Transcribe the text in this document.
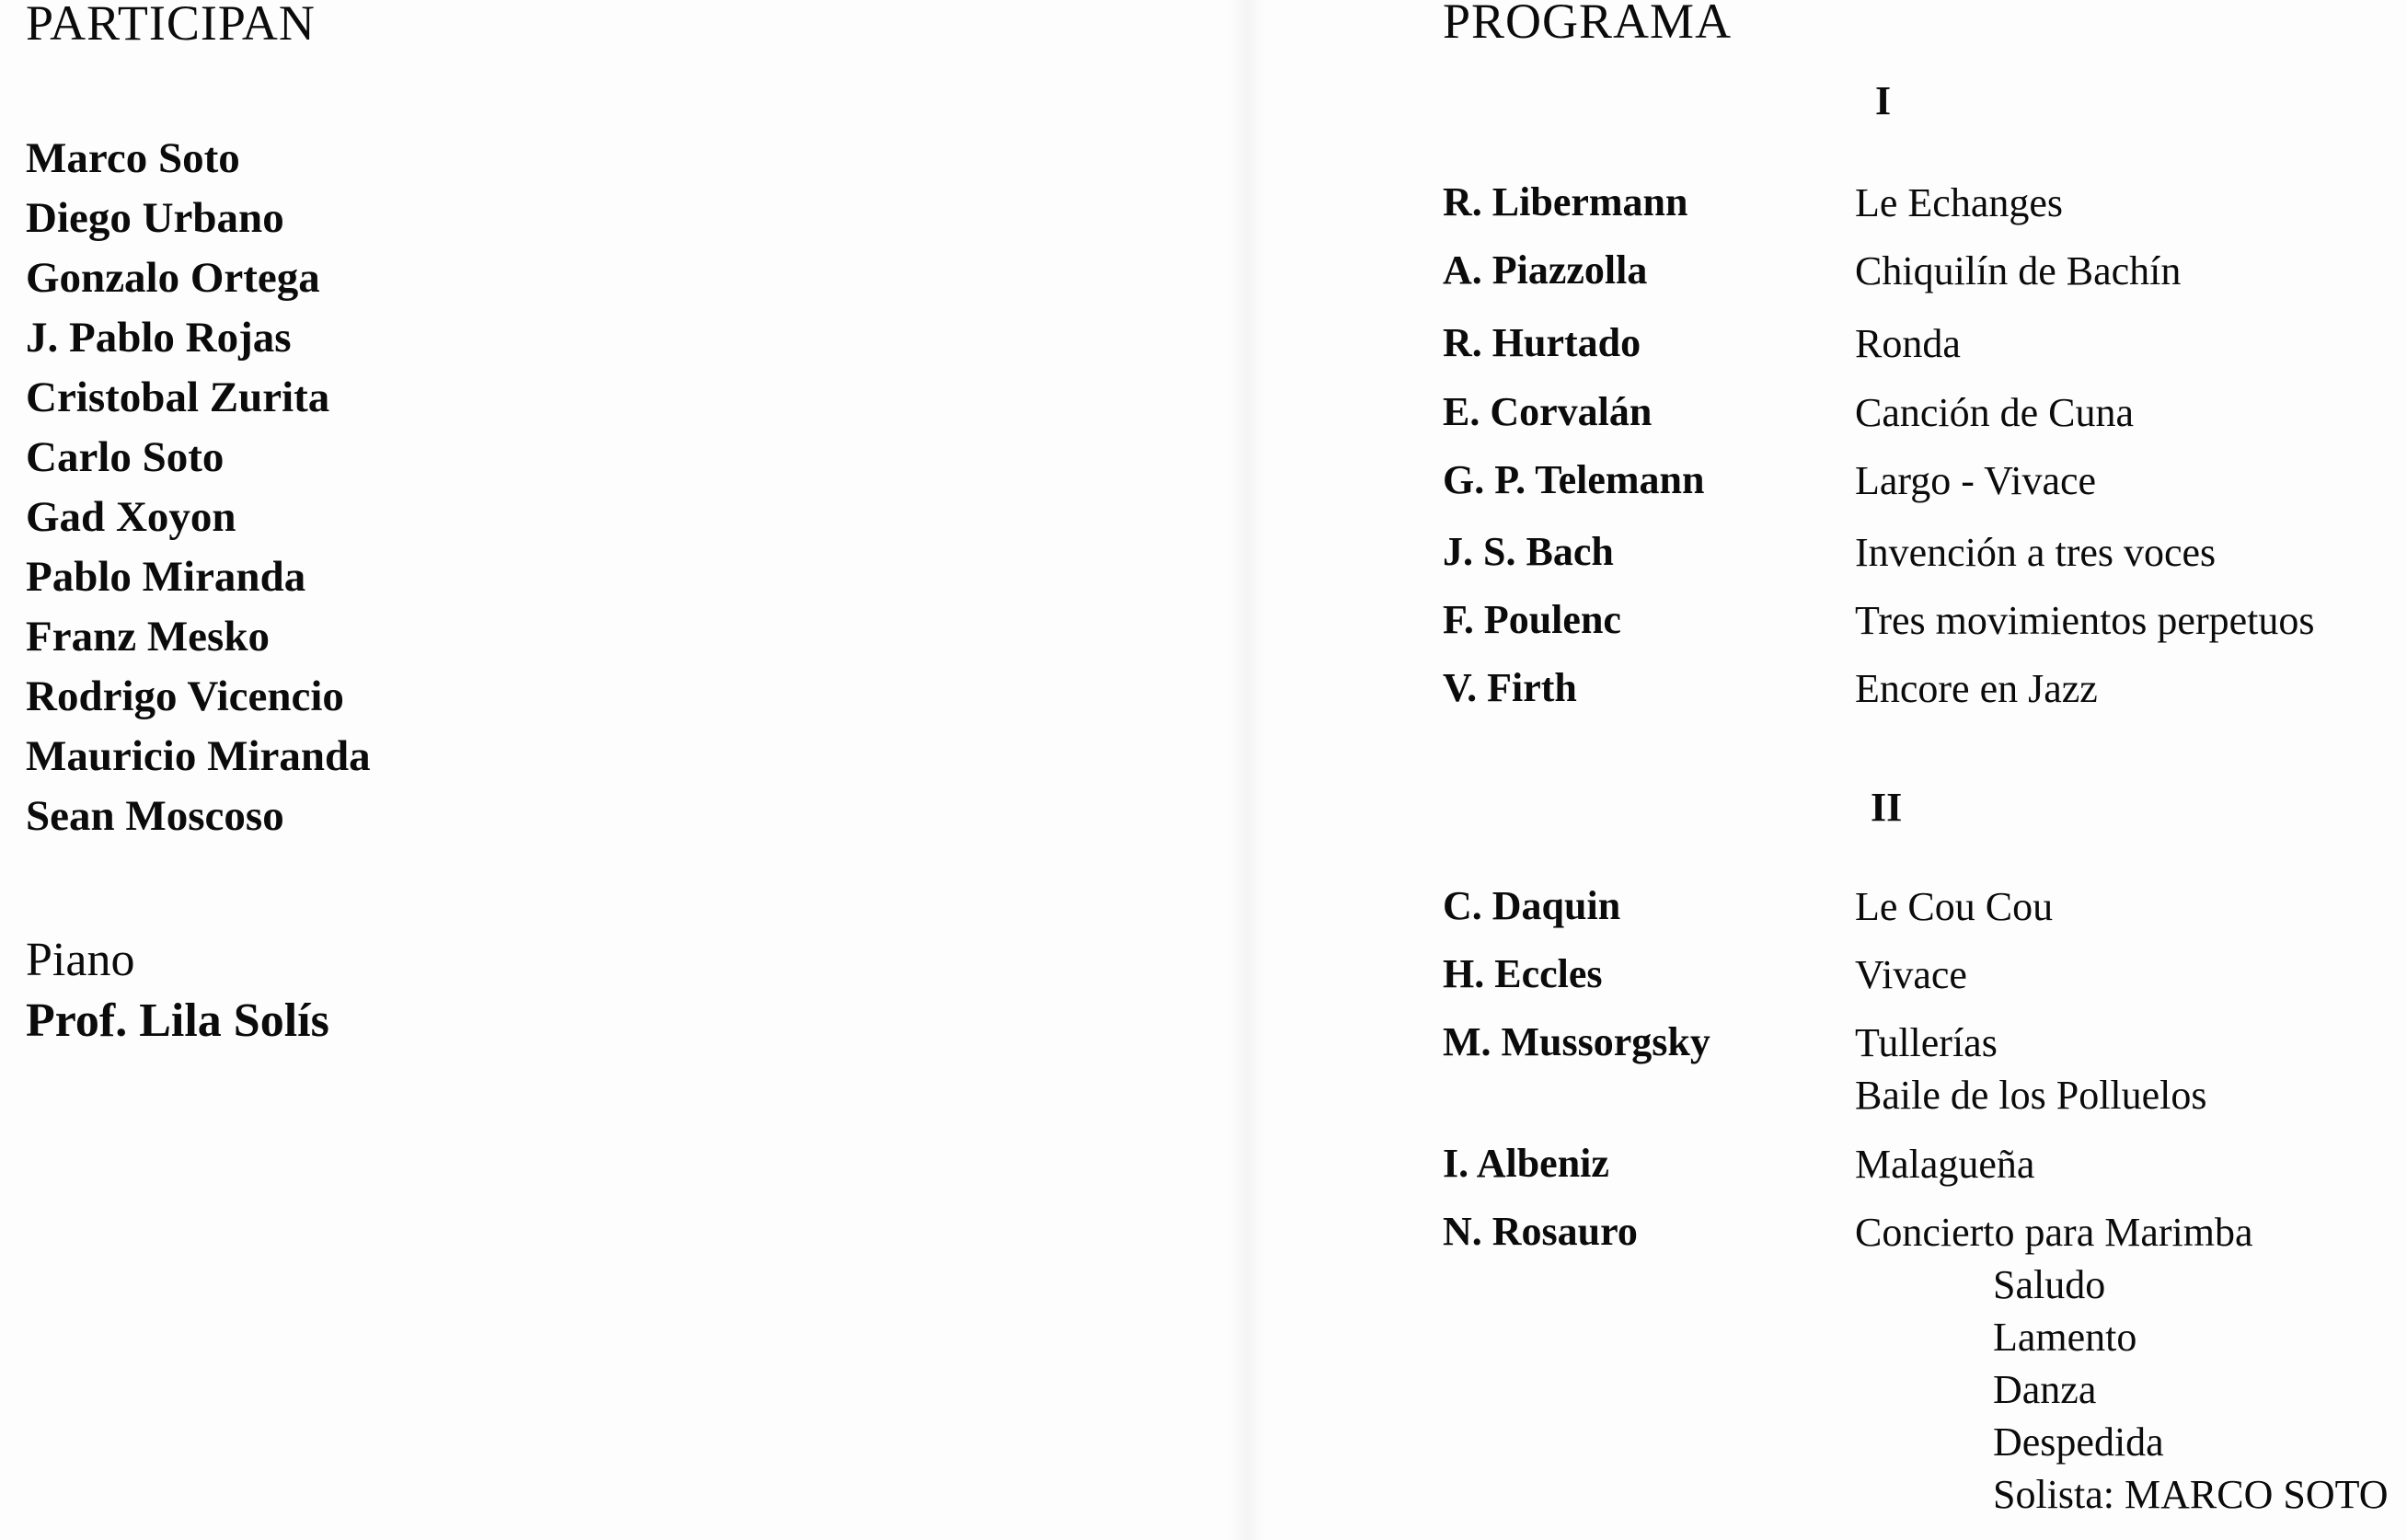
PARTICIPAN
Marco Soto
Diego Urbano
Gonzalo Ortega
J. Pablo Rojas
Cristobal Zurita
Carlo Soto
Gad Xoyon
Pablo Miranda
Franz Mesko
Rodrigo Vicencio
Mauricio Miranda
Sean Moscoso
Piano
Prof. Lila Solís
PROGRAMA
I
R. Libermann	Le Echanges
A. Piazzolla	Chiquilín de Bachín
R. Hurtado	Ronda
E. Corvalán	Canción de Cuna
G. P. Telemann	Largo - Vivace
J. S. Bach	Invención a tres voces
F. Poulenc	Tres movimientos perpetuos
V. Firth	Encore en Jazz
II
C. Daquin	Le Cou Cou
H. Eccles	Vivace
M. Mussorgsky	Tullerías
Baile de los Polluelos
I. Albeniz	Malagueña
N. Rosauro	Concierto para Marimba
Saludo
Lamento
Danza
Despedida
Solista: MARCO SOTO
